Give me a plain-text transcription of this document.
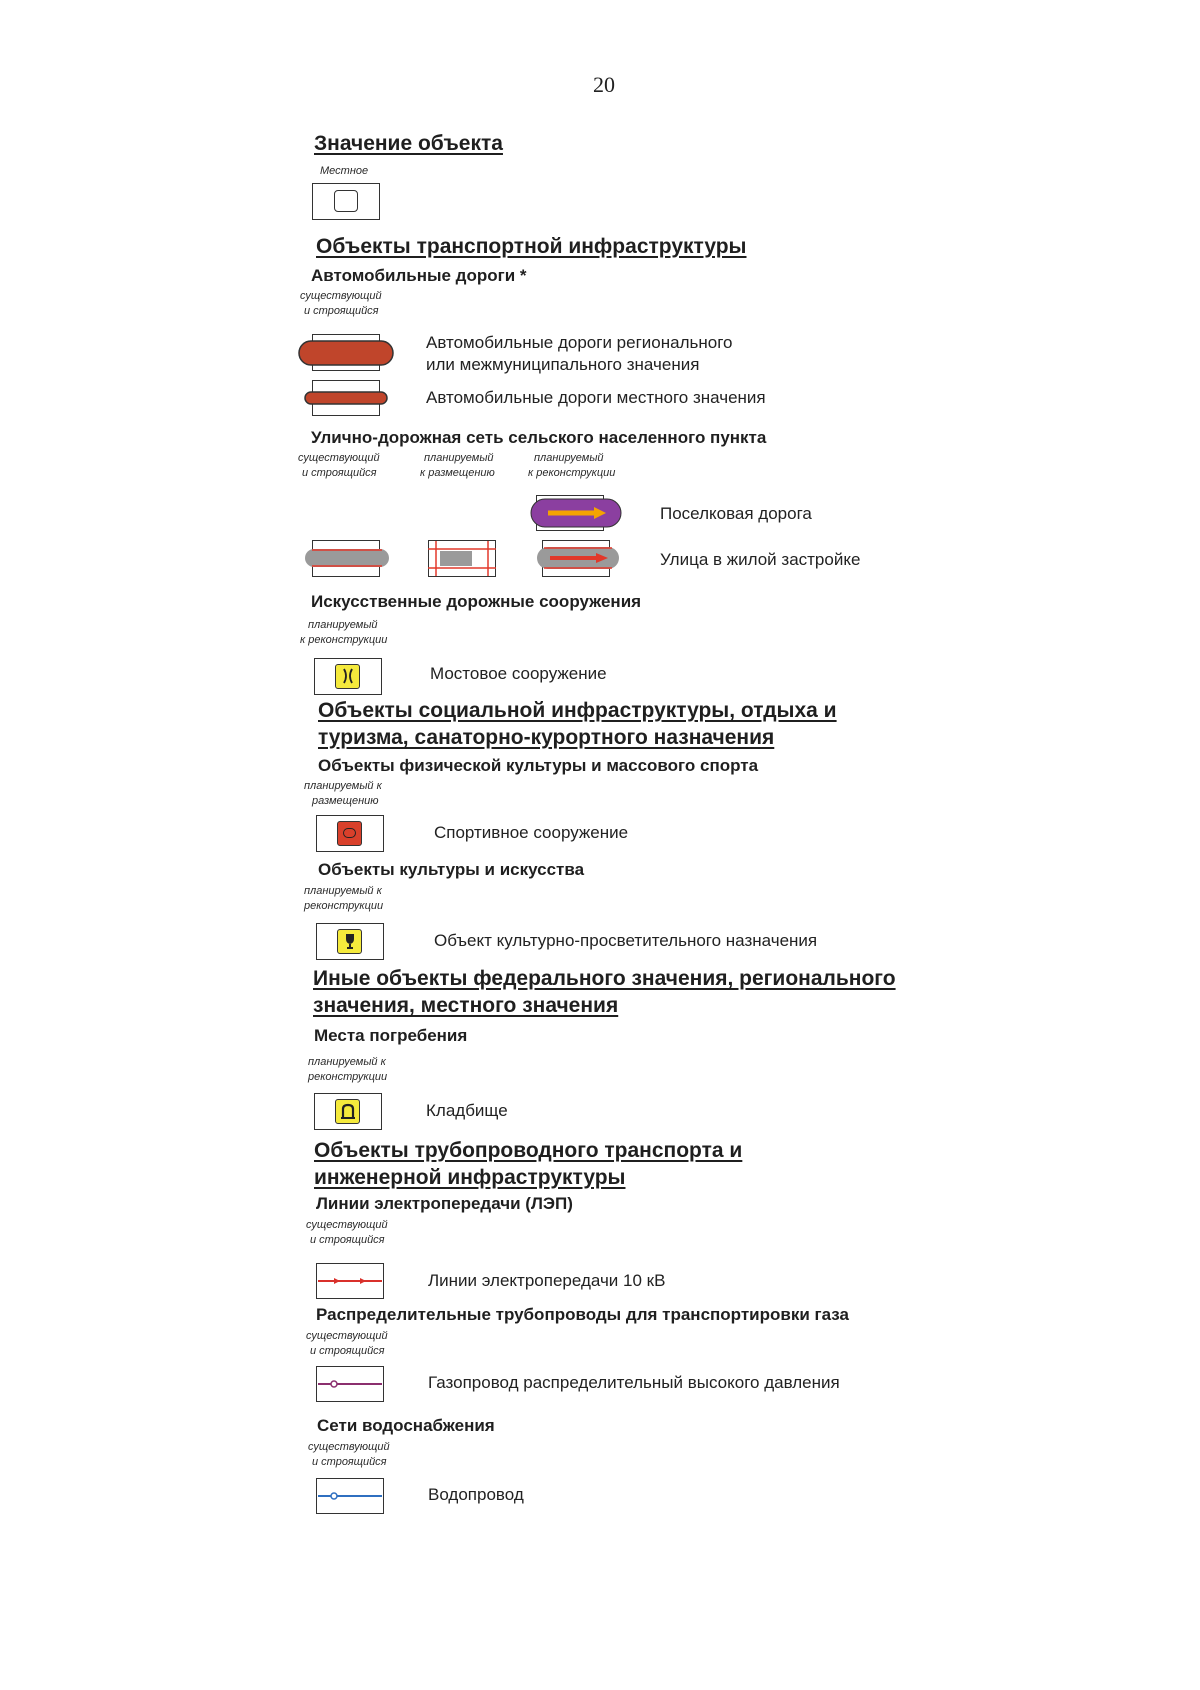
20
Значение объекта
Местное
Объекты транспортной инфраструктуры
Автомобильные дороги *
существующий
и строящийся
Автомобильные дороги регионального
или межмуниципального значения
Автомобильные дороги местного значения
Улично-дорожная сеть сельского населенного пункта
существующий
и строящийся
планируемый
к размещению
планируемый
к реконструкции
Поселковая дорога
Улица в жилой застройке
Искусственные дорожные сооружения
планируемый
к реконструкции
Мостовое сооружение
Объекты социальной инфраструктуры, отдыха и
туризма, санаторно-курортного назначения
Объекты физической культуры и массового спорта
планируемый к
размещению
Спортивное сооружение
Объекты культуры и искусства
планируемый к
реконструкции
Объект культурно-просветительного назначения
Иные объекты федерального значения, регионального
значения, местного значения
Места погребения
планируемый к
реконструкции
Кладбище
Объекты трубопроводного транспорта и
инженерной инфраструктуры
Линии электропередачи (ЛЭП)
существующий
и строящийся
Линии электропередачи 10 кВ
Распределительные трубопроводы для транспортировки газа
существующий
и строящийся
Газопровод распределительный высокого давления
Сети водоснабжения
существующий
и строящийся
Водопровод
